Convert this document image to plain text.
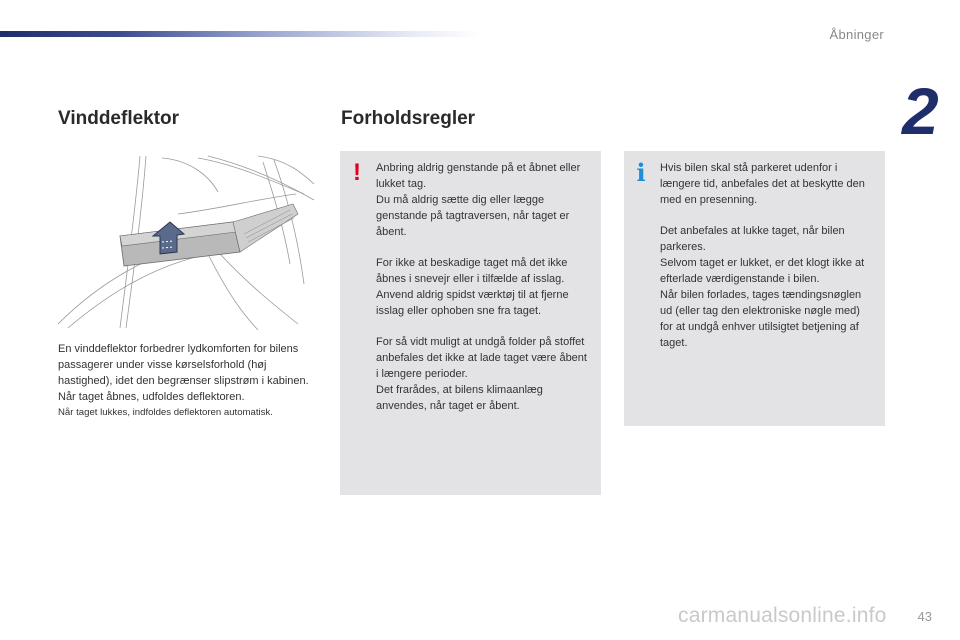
Åbninger
2
Vinddeflektor	Forholdsregler

En vinddeflektor forbedrer lydkomforten for bilens passagerer under visse kørselsforhold (høj hastighed), idet den begrænser slipstrøm i kabinen.

Når taget åbnes, udfoldes deflektoren.

Når taget lukkes, indfoldes deflektoren automatisk.

! Anbring aldrig genstande på et åbnet eller lukket tag.
Du må aldrig sætte dig eller lægge genstande på tagtraversen, når taget er åbent.

For ikke at beskadige taget må det ikke åbnes i snevejr eller i tilfælde af isslag. Anvend aldrig spidst værktøj til at fjerne isslag eller ophoben sne fra taget.

For så vidt muligt at undgå folder på stoffet anbefales det ikke at lade taget være åbent i længere perioder.
Det frarådes, at bilens klimaanlæg anvendes, når taget er åbent.

i Hvis bilen skal stå parkeret udenfor i længere tid, anbefales det at beskytte den med en presenning.

Det anbefales at lukke taget, når bilen parkeres.
Selvom taget er lukket, er det klogt ikke at efterlade værdigenstande i bilen.
Når bilen forlades, tages tændingsnøglen ud (eller tag den elektroniske nøgle med) for at undgå enhver utilsigtet betjening af taget.

carmanualsonline.info 43
